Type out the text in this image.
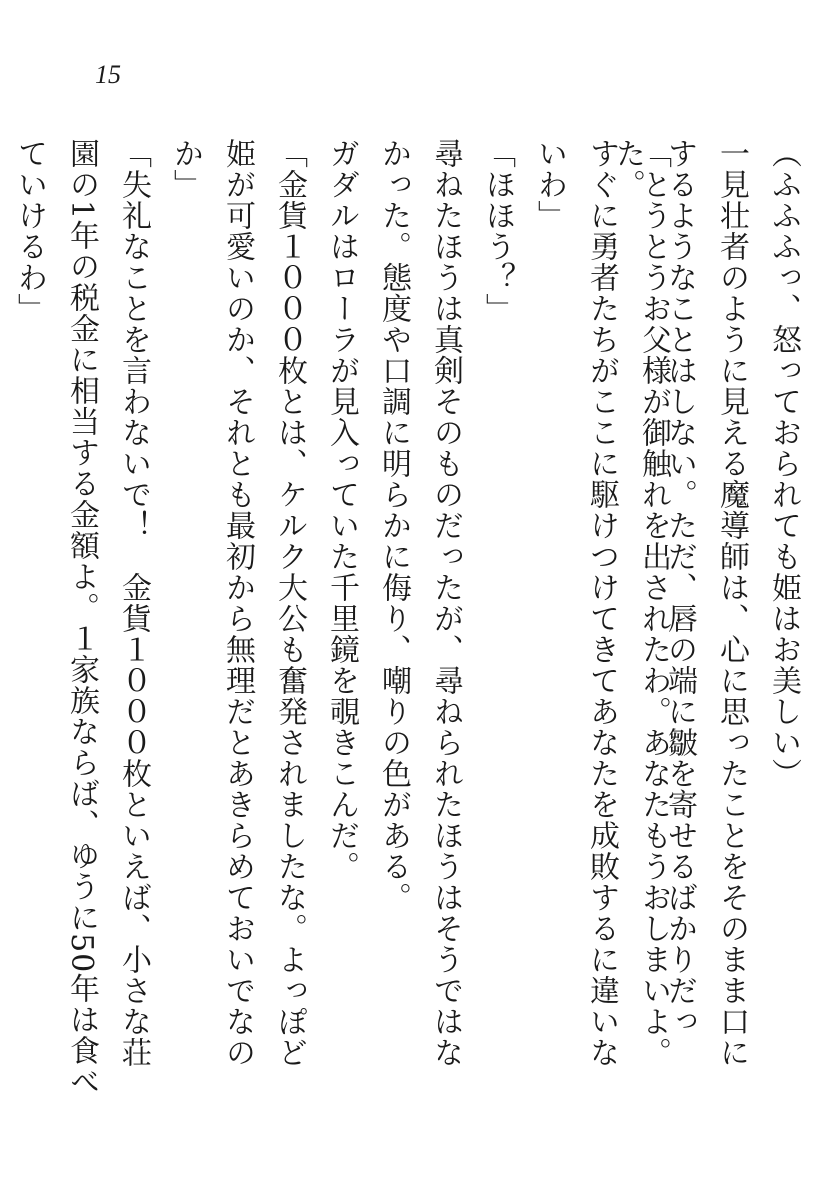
15

（ふふふっ、怒っておられても姫はお美しい）

一見壮者のように見える魔導師は、心に思ったことをそのまま口にするようなことはしない。ただ、唇の端に皺を寄せるばかりだった。

「とうとうお父様が御触れを出されたわ。あなたもうおしまいよ。すぐに勇者たちがここに駆けつけてきてあなたを成敗するに違いないわ」

「ほほう？」

尋ねたほうは真剣そのものだったが、尋ねられたほうはそうではなかった。態度や口調に明らかに侮り、嘲りの色がある。

ガダルはローラが見入っていた千里鏡を覗きこんだ。

「金貨１０００枚とは、ケルク大公も奮発されましたな。よっぽど姫が可愛いのか、それとも最初から無理だとあきらめておいでなのか」

「失礼なことを言わないで！　金貨１０００枚といえば、小さな荘園の1年の税金に相当する金額よ。１家族ならば、ゆうに50年は食べていけるわ」
